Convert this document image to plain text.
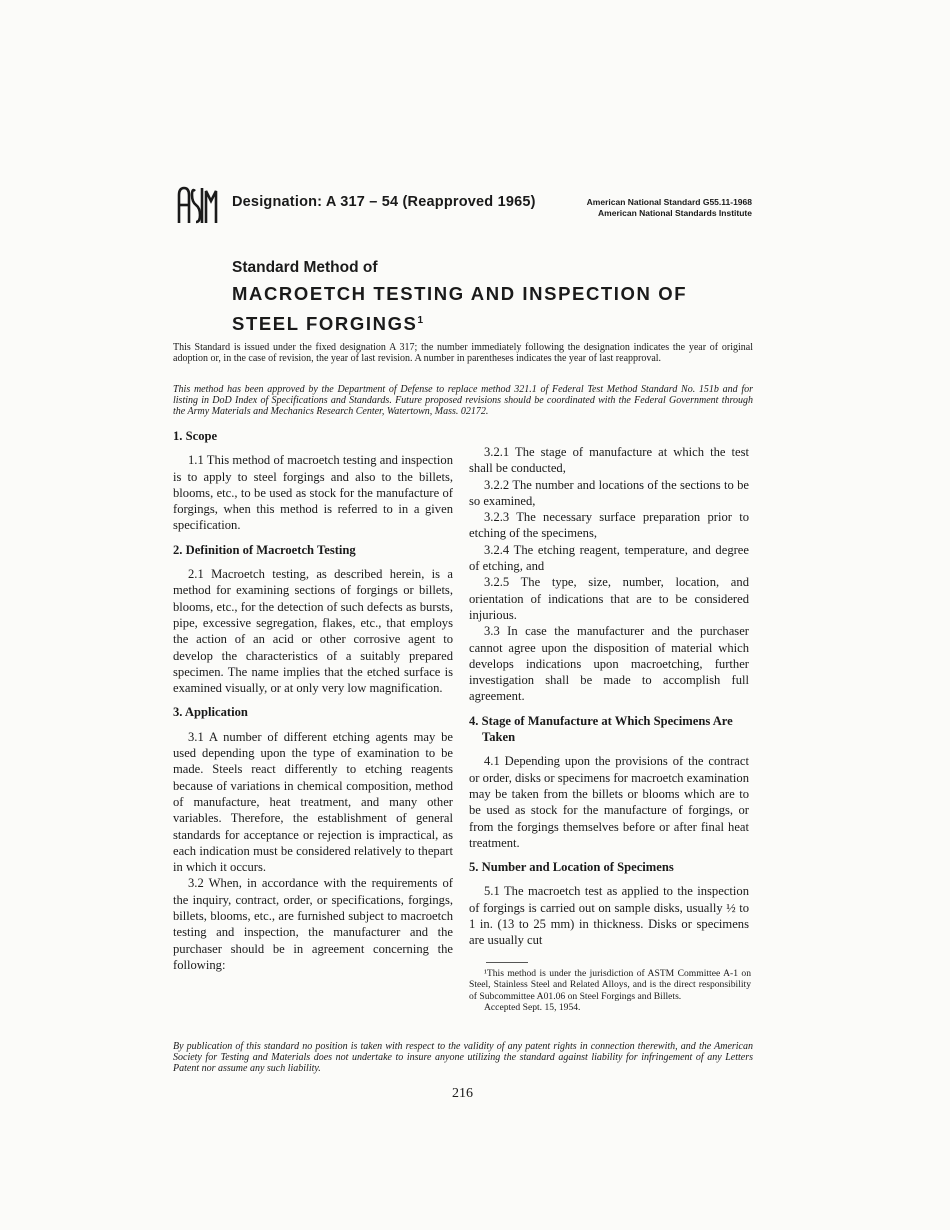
Designation: A 317 – 54 (Reapproved 1965)	American National Standard G55.11-1968
American National Standards Institute
Standard Method of
MACROETCH TESTING AND INSPECTION OF
STEEL FORGINGS$^1$
This Standard is issued under the fixed designation A 317; the number immediately following the designation indicates the year of original adoption or, in the case of revision, the year of last revision. A number in parentheses indicates the year of last reapproval.
This method has been approved by the Department of Defense to replace method 321.1 of Federal Test Method Standard No. 151b and for listing in DoD Index of Specifications and Standards. Future proposed revisions should be coordinated with the Federal Government through the Army Materials and Mechanics Research Center, Watertown, Mass. 02172.
1. Scope

1.1 This method of macroetch testing and inspection is to apply to steel forgings and also to the billets, blooms, etc., to be used as stock for the manufacture of forgings, when this method is referred to in a given specification.

2. Definition of Macroetch Testing

2.1 Macroetch testing, as described herein, is a method for examining sections of forgings or billets, blooms, etc., for the detection of such defects as bursts, pipe, excessive segregation, flakes, etc., that employs the action of an acid or other corrosive agent to develop the characteristics of a suitably prepared specimen. The name implies that the etched surface is examined visually, or at only very low magnification.

3. Application

3.1 A number of different etching agents may be used depending upon the type of examination to be made. Steels react differently to etching reagents because of variations in chemical composition, method of manufacture, heat treatment, and many other variables. Therefore, the establishment of general standards for acceptance or rejection is impractical, as each indication must be considered relatively to thepart in which it occurs.

3.2 When, in accordance with the requirements of the inquiry, contract, order, or specifications, forgings, billets, blooms, etc., are furnished subject to macroetch testing and inspection, the manufacturer and the purchaser should be in agreement concerning the following:

3.2.1 The stage of manufacture at which the test shall be conducted,

3.2.2 The number and locations of the sections to be so examined,

3.2.3 The necessary surface preparation prior to etching of the specimens,

3.2.4 The etching reagent, temperature, and degree of etching, and

3.2.5 The type, size, number, location, and orientation of indications that are to be considered injurious.

3.3 In case the manufacturer and the purchaser cannot agree upon the disposition of material which develops indications upon macroetching, further investigation shall be made to accomplish full agreement.

4. Stage of Manufacture at Which Specimens Are Taken

4.1 Depending upon the provisions of the contract or order, disks or specimens for macroetch examination may be taken from the billets or blooms which are to be used as stock for the manufacture of forgings, or from the forgings themselves before or after final heat treatment.

5. Number and Location of Specimens

5.1 The macroetch test as applied to the inspection of forgings is carried out on sample disks, usually ½ to 1 in. (13 to 25 mm) in thickness. Disks or specimens are usually cut

¹This method is under the jurisdiction of ASTM Committee A-1 on Steel, Stainless Steel and Related Alloys, and is the direct responsibility of Subcommittee A01.06 on Steel Forgings and Billets.

Accepted Sept. 15, 1954.

By publication of this standard no position is taken with respect to the validity of any patent rights in connection therewith, and the American Society for Testing and Materials does not undertake to insure anyone utilizing the standard against liability for infringement of any Letters Patent nor assume any such liability.
216
